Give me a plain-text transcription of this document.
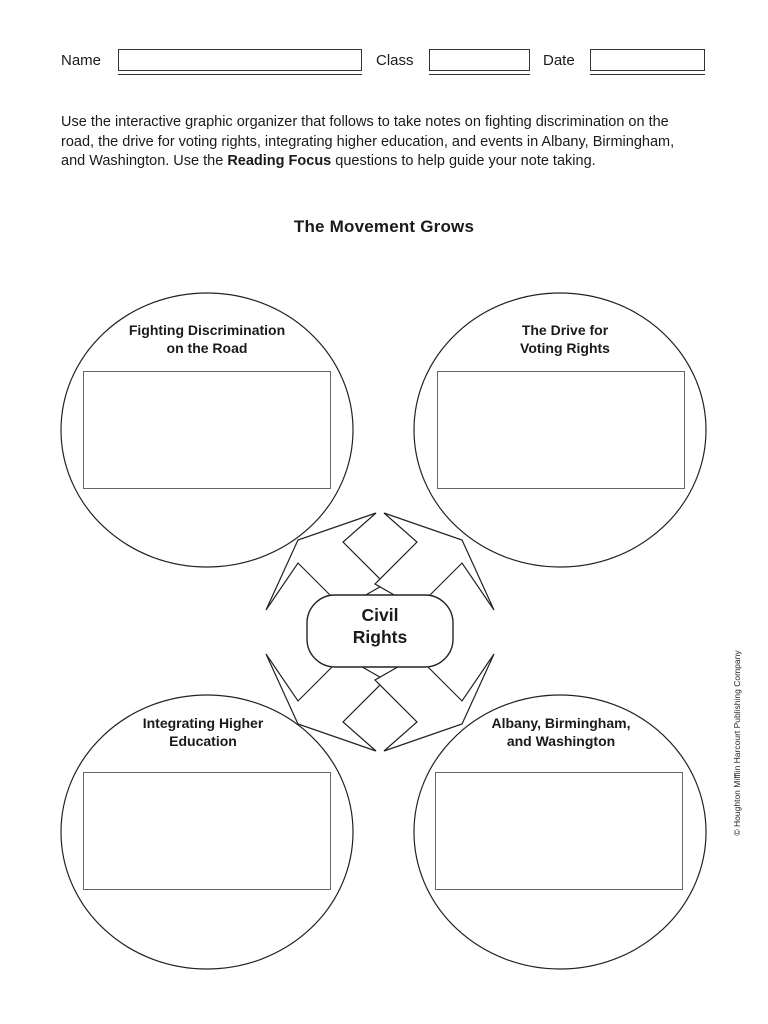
Name	Class	Date

Use the interactive graphic organizer that follows to take notes on fighting discrimination on the road, the drive for voting rights, integrating higher education, and events in Albany, Birmingham, and Washington. Use the Reading Focus questions to help guide your note taking.

The Movement Grows
Fighting Discrimination
on the Road
The Drive for
Voting Rights
Integrating Higher
Education
Albany, Birmingham,
and Washington
Civil
Rights
© Houghton Mifflin Harcourt Publishing Company
